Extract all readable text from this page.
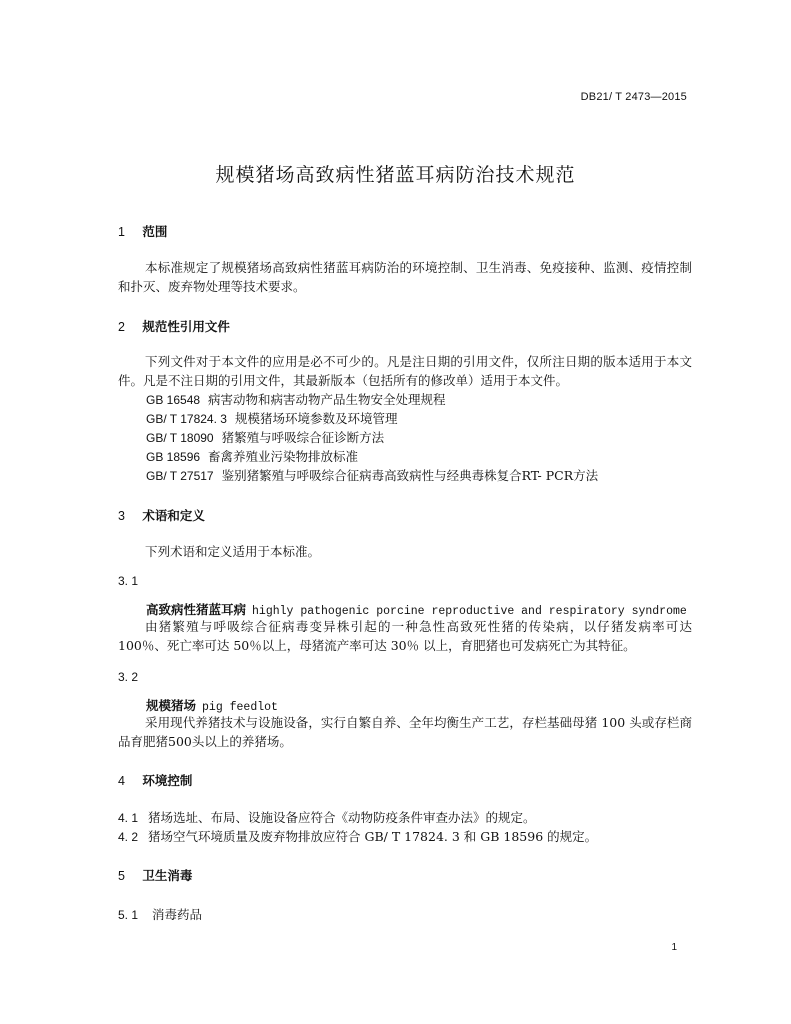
DB21/ T 2473—2015
规模猪场高致病性猪蓝耳病防治技术规范
1 范围
本标准规定了规模猪场高致病性猪蓝耳病防治的环境控制、卫生消毒、免疫接种、监测、疫情控制和扑灭、废弃物处理等技术要求。
2 规范性引用文件
下列文件对于本文件的应用是必不可少的。凡是注日期的引用文件，仅所注日期的版本适用于本文件。凡是不注日期的引用文件，其最新版本（包括所有的修改单）适用于本文件。
GB 16548 病害动物和病害动物产品生物安全处理规程
GB/ T 17824. 3 规模猪场环境参数及环境管理
GB/ T 18090 猪繁殖与呼吸综合征诊断方法
GB 18596 畜禽养殖业污染物排放标准
GB/ T 27517 鉴别猪繁殖与呼吸综合征病毒高致病性与经典毒株复合RT- PCR方法
3 术语和定义
下列术语和定义适用于本标准。
3. 1
高致病性猪蓝耳病 highly pathogenic porcine reproductive and respiratory syndrome
由猪繁殖与呼吸综合征病毒变异株引起的一种急性高致死性猪的传染病，以仔猪发病率可达100％、死亡率可达 50％以上，母猪流产率可达 30％ 以上，育肥猪也可发病死亡为其特征。
3. 2
规模猪场 pig feedlot
采用现代养猪技术与设施设备，实行自繁自养、全年均衡生产工艺，存栏基础母猪 100 头或存栏商品育肥猪500头以上的养猪场。
4 环境控制
4. 1 猪场选址、布局、设施设备应符合《动物防疫条件审查办法》的规定。
4. 2 猪场空气环境质量及废弃物排放应符合 GB/ T 17824. 3 和 GB 18596 的规定。
5 卫生消毒
5. 1 消毒药品
1
